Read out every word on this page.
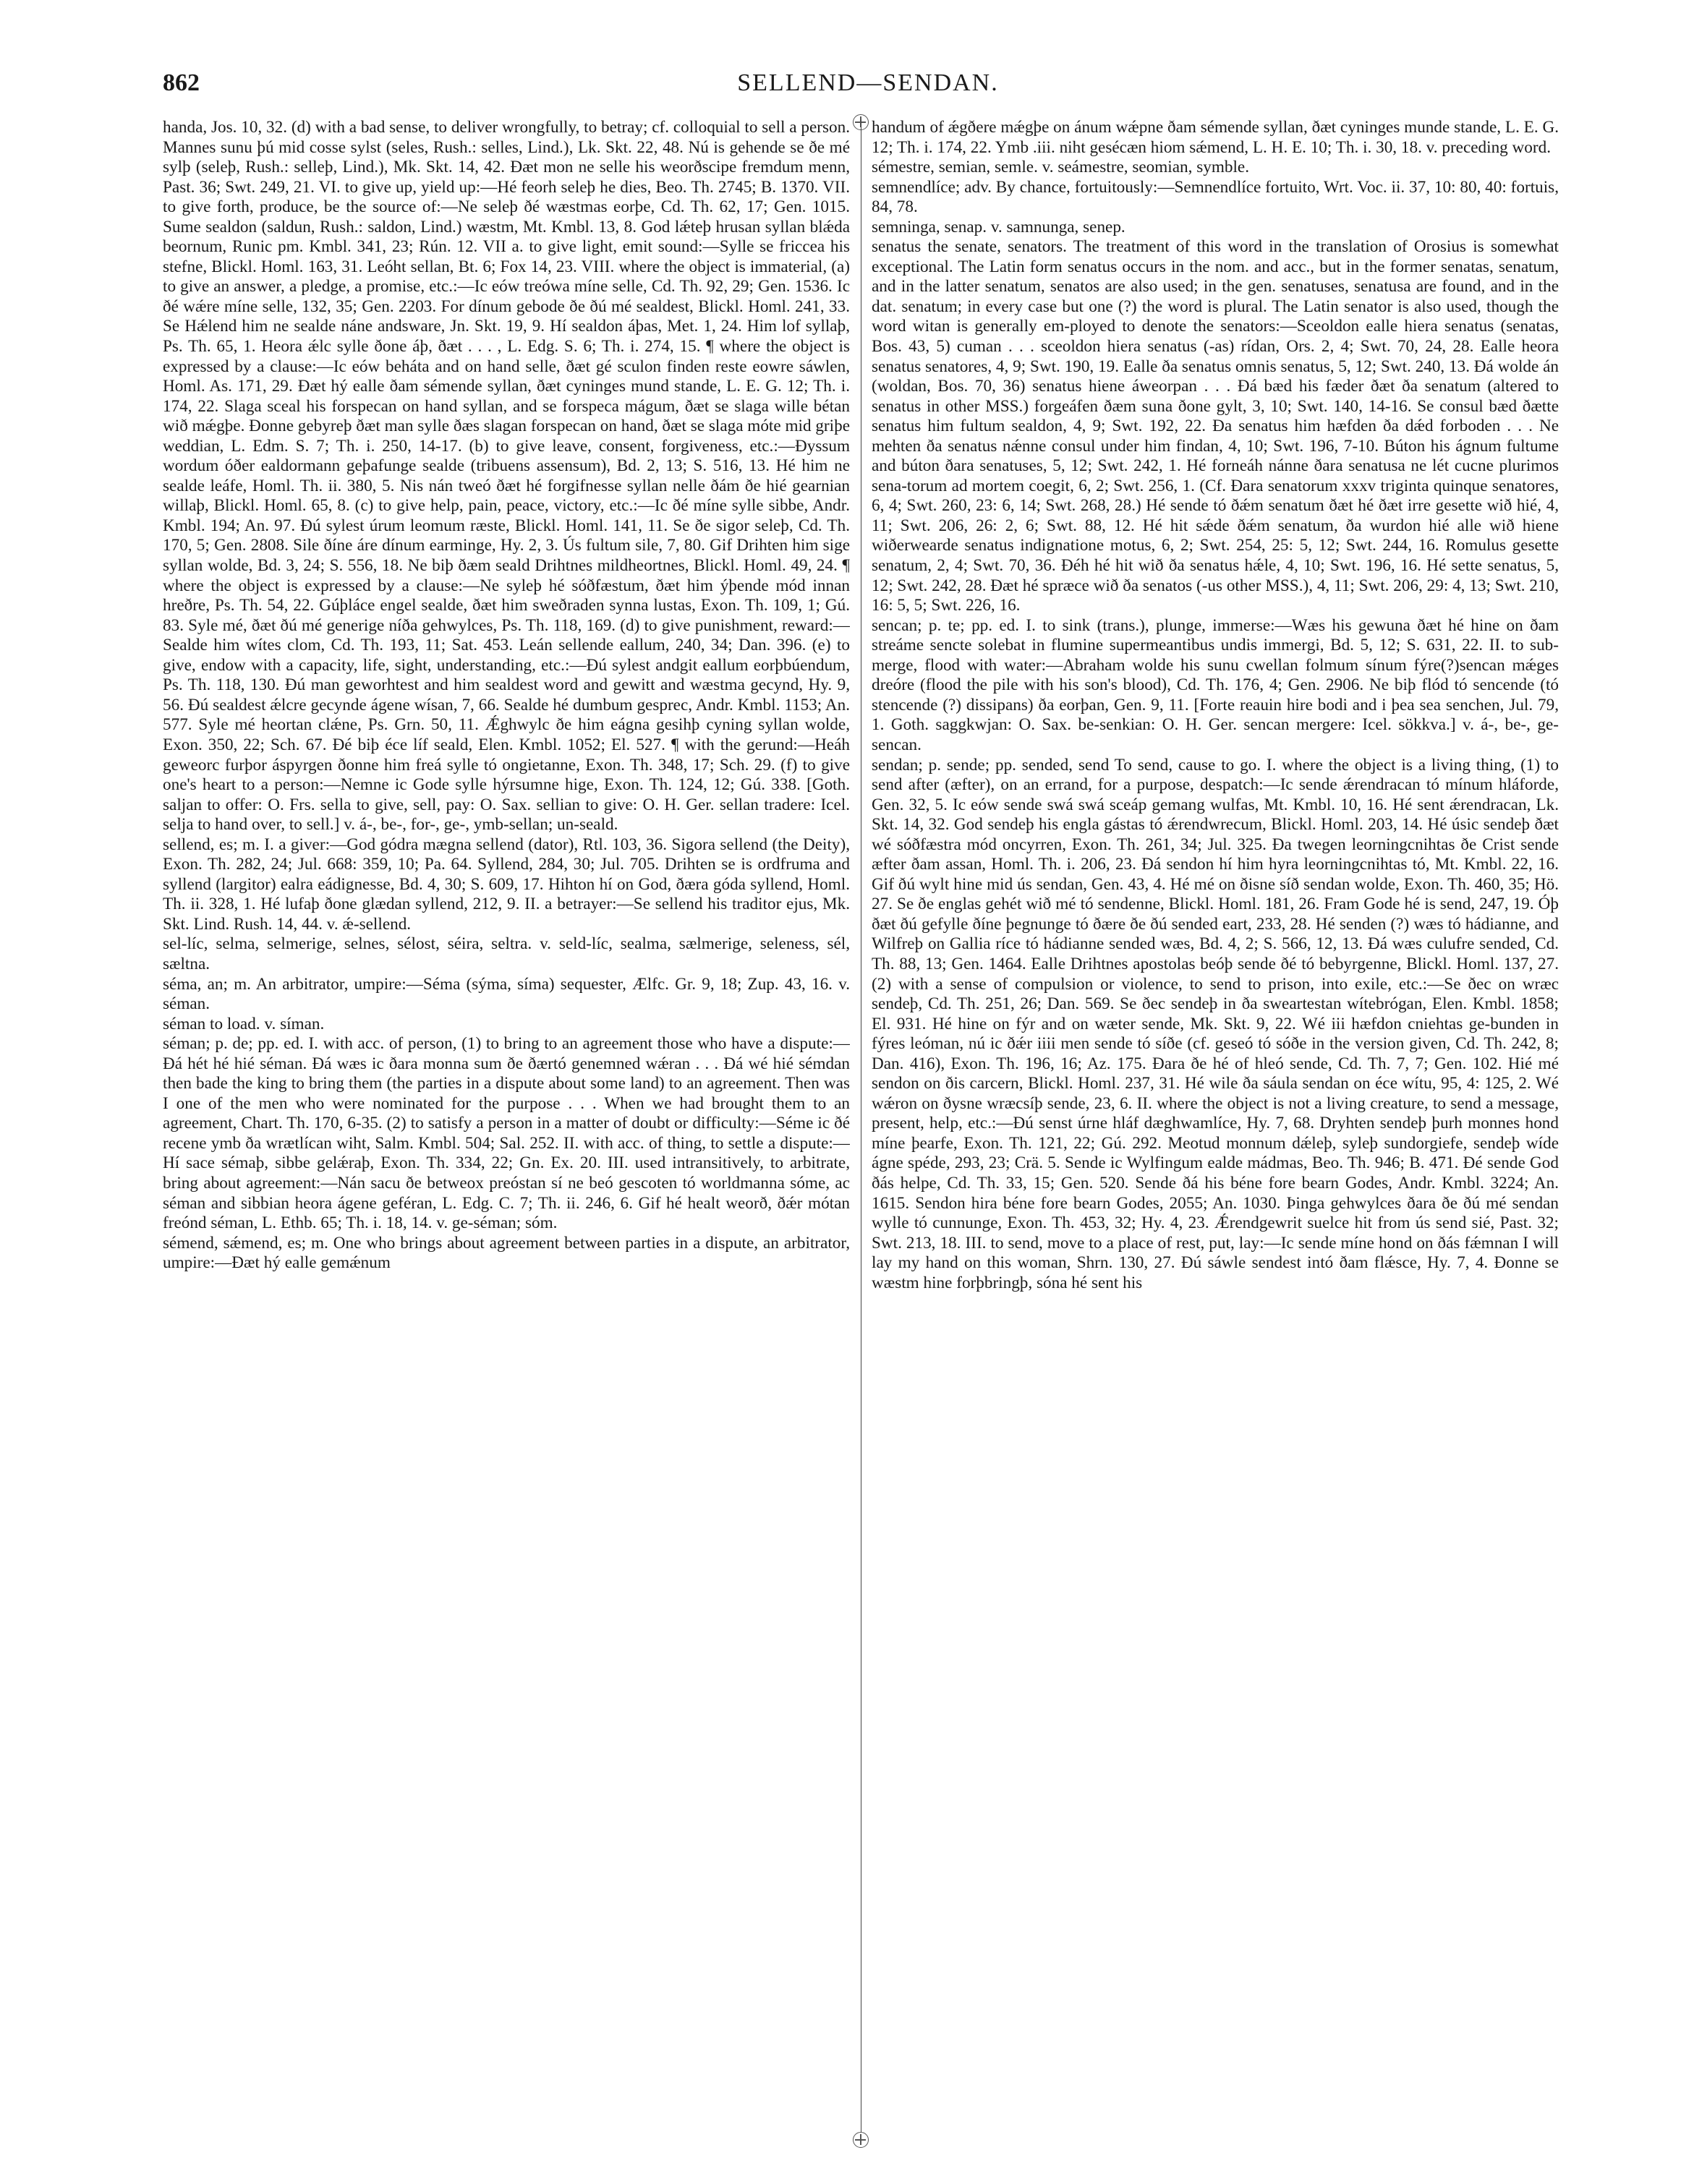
862	SELLEND—SENDAN.

handa, Jos. 10, 32. (d) with a bad sense, to deliver wrongfully, to betray; cf. colloquial to sell a person. Mannes sunu þú mid cosse sylst (seles, Rush.: selles, Lind.), Lk. Skt. 22, 48. Nú is gehende se ðe mé sylþ (seleþ, Rush.: selleþ, Lind.), Mk. Skt. 14, 42. Ðæt mon ne selle his weorðscipe fremdum menn, Past. 36; Swt. 249, 21. VI. to give up, yield up:—Hé feorh seleþ he dies, Beo. Th. 2745; B. 1370. VII. to give forth, produce, be the source of:—Ne seleþ ðé wæstmas eorþe, Cd. Th. 62, 17; Gen. 1015. Sume sealdon (saldun, Rush.: saldon, Lind.) wæstm, Mt. Kmbl. 13, 8. God lǽteþ hrusan syllan blǽda beornum, Runic pm. Kmbl. 341, 23; Rún. 12. VII a. to give light, emit sound:—Sylle se friccea his stefne, Blickl. Homl. 163, 31. Leóht sellan, Bt. 6; Fox 14, 23. VIII. where the object is immaterial, (a) to give an answer, a pledge, a promise, etc.:—Ic eów treówa míne selle, Cd. Th. 92, 29; Gen. 1536. Ic ðé wǽre míne selle, 132, 35; Gen. 2203. For dínum gebode ðe ðú mé sealdest, Blickl. Homl. 241, 33. Se Hǽlend him ne sealde náne andsware, Jn. Skt. 19, 9. Hí sealdon áþas, Met. 1, 24. Him lof syllaþ, Ps. Th. 65, 1. Heora ǽlc sylle ðone áþ, ðæt . . . , L. Edg. S. 6; Th. i. 274, 15. ¶ where the object is expressed by a clause:—Ic eów beháta and on hand selle, ðæt gé sculon finden reste eowre sáwlen, Homl. As. 171, 29. Ðæt hý ealle ðam sémende syllan, ðæt cyninges mund stande, L. E. G. 12; Th. i. 174, 22. Slaga sceal his forspecan on hand syllan, and se forspeca mágum, ðæt se slaga wille bétan wið mǽgþe. Ðonne gebyreþ ðæt man sylle ðæs slagan forspecan on hand, ðæt se slaga móte mid griþe weddian, L. Edm. S. 7; Th. i. 250, 14-17. (b) to give leave, consent, forgiveness, etc.:—Ðyssum wordum óðer ealdormann geþafunge sealde (tribuens assensum), Bd. 2, 13; S. 516, 13. Hé him ne sealde leáfe, Homl. Th. ii. 380, 5. Nis nán tweó ðæt hé forgifnesse syllan nelle ðám ðe hié gearnian willaþ, Blickl. Homl. 65, 8. (c) to give help, pain, peace, victory, etc.:—Ic ðé míne sylle sibbe, Andr. Kmbl. 194; An. 97. Ðú sylest úrum leomum ræste, Blickl. Homl. 141, 11. Se ðe sigor seleþ, Cd. Th. 170, 5; Gen. 2808. Sile ðíne áre dínum earminge, Hy. 2, 3. Ús fultum sile, 7, 80. Gif Drihten him sige syllan wolde, Bd. 3, 24; S. 556, 18. Ne biþ ðæm seald Drihtnes mildheortnes, Blickl. Homl. 49, 24. ¶ where the object is expressed by a clause:—Ne syleþ hé sóðfæstum, ðæt him ýþende mód innan hreðre, Ps. Th. 54, 22. Gúþláce engel sealde, ðæt him sweðraden synna lustas, Exon. Th. 109, 1; Gú. 83. Syle mé, ðæt ðú mé generige níða gehwylces, Ps. Th. 118, 169. (d) to give punishment, reward:—Sealde him wítes clom, Cd. Th. 193, 11; Sat. 453. Leán sellende eallum, 240, 34; Dan. 396. (e) to give, endow with a capacity, life, sight, understanding, etc.:—Ðú sylest andgit eallum eorþbúendum, Ps. Th. 118, 130. Ðú man geworhtest and him sealdest word and gewitt and wæstma gecynd, Hy. 9, 56. Ðú sealdest ǽlcre gecynde ágene wísan, 7, 66. Sealde hé dumbum gesprec, Andr. Kmbl. 1153; An. 577. Syle mé heortan clǽne, Ps. Grn. 50, 11. Ǽghwylc ðe him eágna gesihþ cyning syllan wolde, Exon. 350, 22; Sch. 67. Ðé biþ éce líf seald, Elen. Kmbl. 1052; El. 527. ¶ with the gerund:—Heáh geweorc furþor áspyrgen ðonne him freá sylle tó ongietanne, Exon. Th. 348, 17; Sch. 29. (f) to give one's heart to a person:—Nemne ic Gode sylle hýrsumne hige, Exon. Th. 124, 12; Gú. 338. [Goth. saljan to offer: O. Frs. sella to give, sell, pay: O. Sax. sellian to give: O. H. Ger. sellan tradere: Icel. selja to hand over, to sell.] v. á-, be-, for-, ge-, ymb-sellan; un-seald.

sellend, es; m. I. a giver:—God gódra mægna sellend (dator), Rtl. 103, 36. Sigora sellend (the Deity), Exon. Th. 282, 24; Jul. 668: 359, 10; Pa. 64. Syllend, 284, 30; Jul. 705. Drihten se is ordfruma and syllend (largitor) ealra eádignesse, Bd. 4, 30; S. 609, 17. Hihton hí on God, ðæra góda syllend, Homl. Th. ii. 328, 1. Hé lufaþ ðone glædan syllend, 212, 9. II. a betrayer:—Se sellend his traditor ejus, Mk. Skt. Lind. Rush. 14, 44. v. ǽ-sellend.

sel-líc, selma, selmerige, selnes, sélost, séira, seltra. v. seld-líc, sealma, sælmerige, seleness, sél, sæltna.

séma, an; m. An arbitrator, umpire:—Séma (sýma, síma) sequester, Ælfc. Gr. 9, 18; Zup. 43, 16. v. séman.

séman to load. v. síman.

séman; p. de; pp. ed. I. with acc. of person, (1) to bring to an agreement those who have a dispute:—Ðá hét hé hié séman. Ðá wæs ic ðara monna sum ðe ðærtó genemned wǽran . . . Ðá wé hié sémdan then bade the king to bring them (the parties in a dispute about some land) to an agreement. Then was I one of the men who were nominated for the purpose . . . When we had brought them to an agreement, Chart. Th. 170, 6-35. (2) to satisfy a person in a matter of doubt or difficulty:—Séme ic ðé recene ymb ða wrætlícan wiht, Salm. Kmbl. 504; Sal. 252. II. with acc. of thing, to settle a dispute:—Hí sace sémaþ, sibbe gelǽraþ, Exon. Th. 334, 22; Gn. Ex. 20. III. used intransitively, to arbitrate, bring about agreement:—Nán sacu ðe betweox preóstan sí ne beó gescoten tó worldmanna sóme, ac séman and sibbian heora ágene geféran, L. Edg. C. 7; Th. ii. 246, 6. Gif hé healt weorð, ðǽr mótan freónd séman, L. Ethb. 65; Th. i. 18, 14. v. ge-séman; sóm.

sémend, sǽmend, es; m. One who brings about agreement between parties in a dispute, an arbitrator, umpire:—Ðæt hý ealle gemǽnum

handum of ǽgðere mǽgþe on ánum wǽpne ðam sémende syllan, ðæt cyninges munde stande, L. E. G. 12; Th. i. 174, 22. Ymb .iii. niht gesécæn hiom sǽmend, L. H. E. 10; Th. i. 30, 18. v. preceding word.

sémestre, semian, semle. v. seámestre, seomian, symble.

semnendlíce; adv. By chance, fortuitously:—Semnendlíce fortuito, Wrt. Voc. ii. 37, 10: 80, 40: fortuis, 84, 78.

semninga, senap. v. samnunga, senep.

senatus the senate, senators. The treatment of this word in the translation of Orosius is somewhat exceptional. The Latin form senatus occurs in the nom. and acc., but in the former senatas, senatum, and in the latter senatum, senatos are also used; in the gen. senatuses, senatusa are found, and in the dat. senatum; in every case but one (?) the word is plural. The Latin senator is also used, though the word witan is generally em-ployed to denote the senators:—Sceoldon ealle hiera senatus (senatas, Bos. 43, 5) cuman . . . sceoldon hiera senatus (-as) rídan, Ors. 2, 4; Swt. 70, 24, 28. Ealle heora senatus senatores, 4, 9; Swt. 190, 19. Ealle ða senatus omnis senatus, 5, 12; Swt. 240, 13. Ðá wolde án (woldan, Bos. 70, 36) senatus hiene áweorpan . . . Ðá bæd his fæder ðæt ða senatum (altered to senatus in other MSS.) forgeáfen ðæm suna ðone gylt, 3, 10; Swt. 140, 14-16. Se consul bæd ðætte senatus him fultum sealdon, 4, 9; Swt. 192, 22. Ða senatus him hæfden ða dǽd forboden . . . Ne mehten ða senatus nǽnne consul under him findan, 4, 10; Swt. 196, 7-10. Búton his ágnum fultume and búton ðara senatuses, 5, 12; Swt. 242, 1. Hé forneáh nánne ðara senatusa ne lét cucne plurimos sena-torum ad mortem coegit, 6, 2; Swt. 256, 1. (Cf. Ðara senatorum xxxv triginta quinque senatores, 6, 4; Swt. 260, 23: 6, 14; Swt. 268, 28.) Hé sende tó ðǽm senatum ðæt hé ðæt irre gesette wið hié, 4, 11; Swt. 206, 26: 2, 6; Swt. 88, 12. Hé hit sǽde ðǽm senatum, ða wurdon hié alle wið hiene wiðerwearde senatus indignatione motus, 6, 2; Swt. 254, 25: 5, 12; Swt. 244, 16. Romulus gesette senatum, 2, 4; Swt. 70, 36. Ðéh hé hit wið ða senatus hǽle, 4, 10; Swt. 196, 16. Hé sette senatus, 5, 12; Swt. 242, 28. Ðæt hé spræce wið ða senatos (-us other MSS.), 4, 11; Swt. 206, 29: 4, 13; Swt. 210, 16: 5, 5; Swt. 226, 16.

sencan; p. te; pp. ed. I. to sink (trans.), plunge, immerse:—Wæs his gewuna ðæt hé hine on ðam streáme sencte solebat in flumine supermeantibus undis immergi, Bd. 5, 12; S. 631, 22. II. to sub-merge, flood with water:—Abraham wolde his sunu cwellan folmum sínum fýre(?)sencan mǽges dreóre (flood the pile with his son's blood), Cd. Th. 176, 4; Gen. 2906. Ne biþ flód tó sencende (tó stencende (?) dissipans) ða eorþan, Gen. 9, 11. [Forte reauin hire bodi and i þea sea senchen, Jul. 79, 1. Goth. saggkwjan: O. Sax. be-senkian: O. H. Ger. sencan mergere: Icel. sökkva.] v. á-, be-, ge-sencan.

sendan; p. sende; pp. sended, send To send, cause to go. I. where the object is a living thing, (1) to send after (æfter), on an errand, for a purpose, despatch:—Ic sende ǽrendracan tó mínum hláforde, Gen. 32, 5. Ic eów sende swá swá sceáp gemang wulfas, Mt. Kmbl. 10, 16. Hé sent ǽrendracan, Lk. Skt. 14, 32. God sendeþ his engla gástas tó ǽrendwrecum, Blickl. Homl. 203, 14. Hé úsic sendeþ ðæt wé sóðfæstra mód oncyrren, Exon. Th. 261, 34; Jul. 325. Ða twegen leorningcnihtas ðe Crist sende æfter ðam assan, Homl. Th. i. 206, 23. Ðá sendon hí him hyra leorningcnihtas tó, Mt. Kmbl. 22, 16. Gif ðú wylt hine mid ús sendan, Gen. 43, 4. Hé mé on ðisne síð sendan wolde, Exon. Th. 460, 35; Hö. 27. Se ðe englas gehét wið mé tó sendenne, Blickl. Homl. 181, 26. Fram Gode hé is send, 247, 19. Óþ ðæt ðú gefylle ðíne þegnunge tó ðære ðe ðú sended eart, 233, 28. Hé senden (?) wæs tó hádianne, and Wilfreþ on Gallia ríce tó hádianne sended wæs, Bd. 4, 2; S. 566, 12, 13. Ðá wæs culufre sended, Cd. Th. 88, 13; Gen. 1464. Ealle Drihtnes apostolas beóþ sende ðé tó bebyrgenne, Blickl. Homl. 137, 27. (2) with a sense of compulsion or violence, to send to prison, into exile, etc.:—Se ðec on wræc sendeþ, Cd. Th. 251, 26; Dan. 569. Se ðec sendeþ in ða sweartestan wítebrógan, Elen. Kmbl. 1858; El. 931. Hé hine on fýr and on wæter sende, Mk. Skt. 9, 22. Wé iii hæfdon cniehtas ge-bunden in fýres leóman, nú ic ðǽr iiii men sende tó síðe (cf. geseó tó sóðe in the version given, Cd. Th. 242, 8; Dan. 416), Exon. Th. 196, 16; Az. 175. Ðara ðe hé of hleó sende, Cd. Th. 7, 7; Gen. 102. Hié mé sendon on ðis carcern, Blickl. Homl. 237, 31. Hé wile ða sáula sendan on éce wítu, 95, 4: 125, 2. Wé wǽron on ðysne wræcsíþ sende, 23, 6. II. where the object is not a living creature, to send a message, present, help, etc.:—Ðú senst úrne hláf dæghwamlíce, Hy. 7, 68. Dryhten sendeþ þurh monnes hond míne þearfe, Exon. Th. 121, 22; Gú. 292. Meotud monnum dǽleþ, syleþ sundorgiefe, sendeþ wíde ágne spéde, 293, 23; Crä. 5. Sende ic Wylfingum ealde mádmas, Beo. Th. 946; B. 471. Ðé sende God ðás helpe, Cd. Th. 33, 15; Gen. 520. Sende ðá his béne fore bearn Godes, Andr. Kmbl. 3224; An. 1615. Sendon hira béne fore bearn Godes, 2055; An. 1030. Þinga gehwylces ðara ðe ðú mé sendan wylle tó cunnunge, Exon. Th. 453, 32; Hy. 4, 23. Ǽrendgewrit suelce hit from ús send sié, Past. 32; Swt. 213, 18. III. to send, move to a place of rest, put, lay:—Ic sende míne hond on ðás fǽmnan I will lay my hand on this woman, Shrn. 130, 27. Ðú sáwle sendest intó ðam flǽsce, Hy. 7, 4. Ðonne se wæstm hine forþbringþ, sóna hé sent his
